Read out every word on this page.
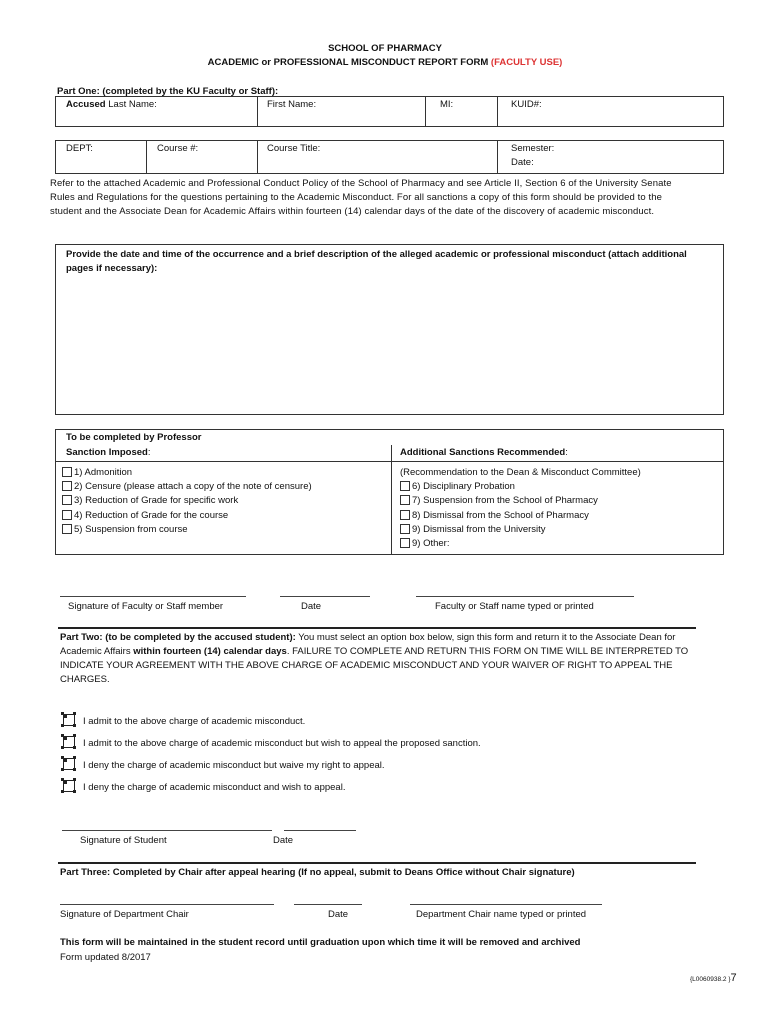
SCHOOL OF PHARMACY
ACADEMIC or PROFESSIONAL MISCONDUCT REPORT FORM (FACULTY USE)
Part One: (completed by the KU Faculty or Staff):
Accused Last Name:	First Name:	MI:	KUID#:
DEPT:	Course #:	Course Title:	Semester:
Date:
Refer to the attached Academic and Professional Conduct Policy of the School of Pharmacy and see Article II, Section 6 of the University Senate Rules and Regulations for the questions pertaining to the Academic Misconduct. For all sanctions a copy of this form should be provided to the student and the Associate Dean for Academic Affairs within fourteen (14) calendar days of the date of the discovery of academic misconduct.
Provide the date and time of the occurrence and a brief description of the alleged academic or professional misconduct (attach additional pages if necessary):
To be completed by Professor
Sanction Imposed:	Additional Sanctions Recommended:
1) Admonition
2) Censure (please attach a copy of the note of censure)
3) Reduction of Grade for specific work
4) Reduction of Grade for the course
5) Suspension from course
(Recommendation to the Dean & Misconduct Committee)
6) Disciplinary Probation
7) Suspension from the School of Pharmacy
8) Dismissal from the School of Pharmacy
9) Dismissal from the University
9) Other:
Signature of Faculty or Staff member	Date	Faculty or Staff name typed or printed
Part Two: (to be completed by the accused student): You must select an option box below, sign this form and return it to the Associate Dean for Academic Affairs within fourteen (14) calendar days. FAILURE TO COMPLETE AND RETURN THIS FORM ON TIME WILL BE INTERPRETED TO INDICATE YOUR AGREEMENT WITH THE ABOVE CHARGE OF ACADEMIC MISCONDUCT AND YOUR WAIVER OF RIGHT TO APPEAL THE CHARGES.
I admit to the above charge of academic misconduct.
I admit to the above charge of academic misconduct but wish to appeal the proposed sanction.
I deny the charge of academic misconduct but waive my right to appeal.
I deny the charge of academic misconduct and wish to appeal.
Signature of Student	Date
Part Three: Completed by Chair after appeal hearing (If no appeal, submit to Deans Office without Chair signature)
Signature of Department Chair	Date	Department Chair name typed or printed
This form will be maintained in the student record until graduation upon which time it will be removed and archived
Form updated 8/2017
{L0060938.2 }7
